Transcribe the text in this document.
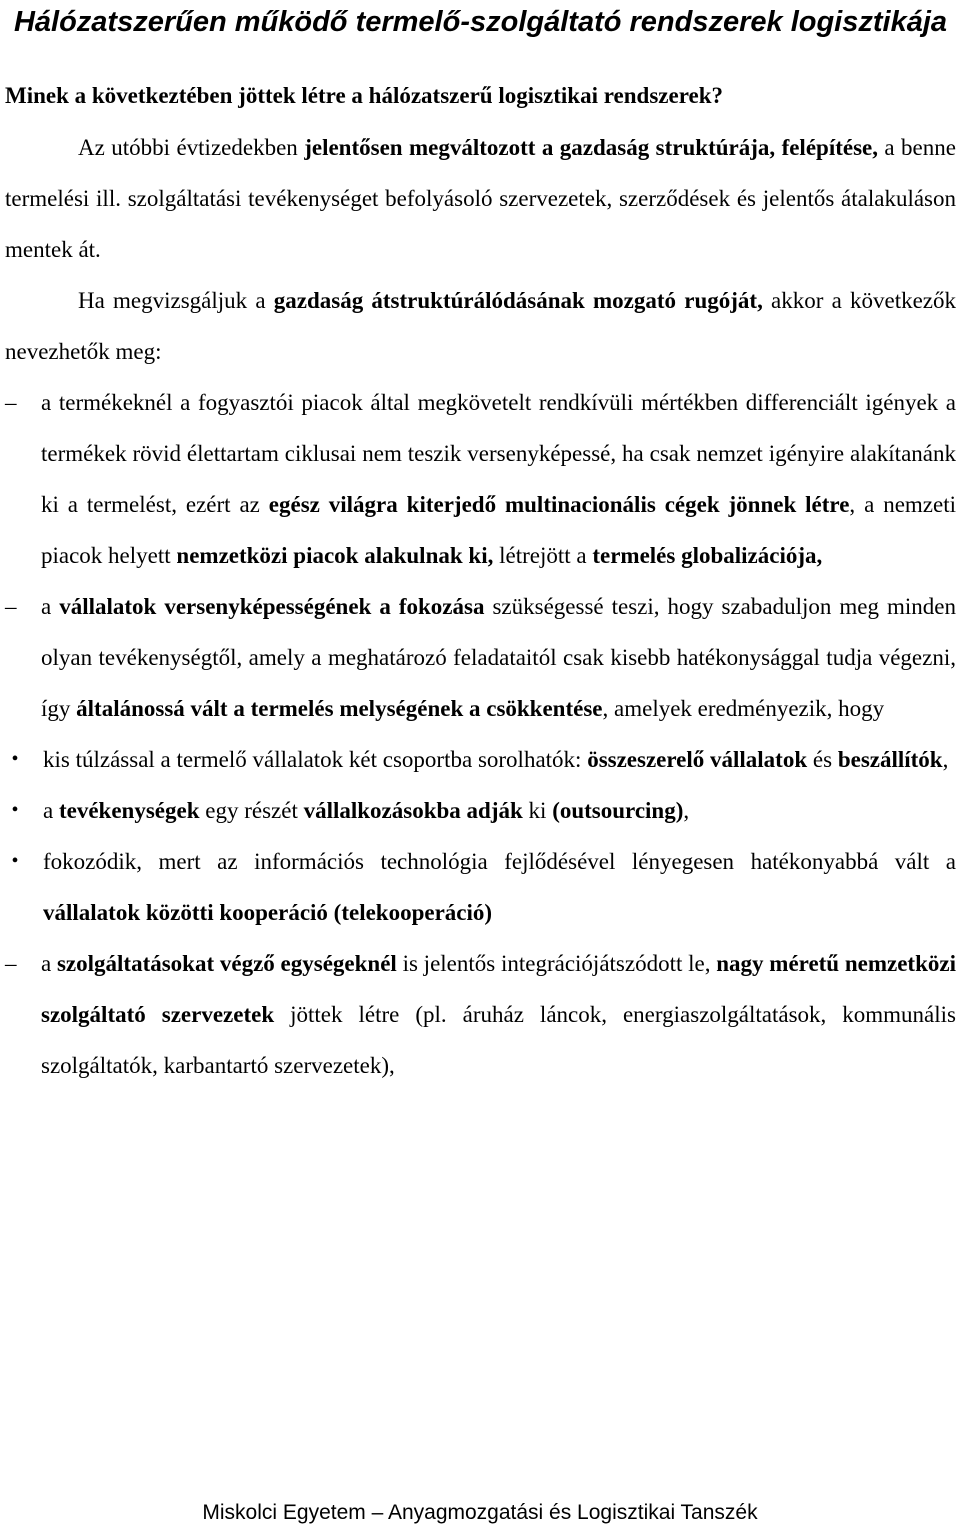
Hálózatszerűen működő termelő-szolgáltató rendszerek logisztikája

Minek a következtében jöttek létre a hálózatszerű logisztikai rendszerek?

Az utóbbi évtizedekben jelentősen megváltozott a gazdaság struktúrája, felépítése, a benne termelési ill. szolgáltatási tevékenységet befolyásoló szervezetek, szerződések és jelentős átalakuláson mentek át.

Ha megvizsgáljuk a gazdaság átstruktúrálódásának mozgató rugóját, akkor a következők nevezhetők meg:

–	a termékeknél a fogyasztói piacok által megkövetelt rendkívüli mértékben differenciált igények a termékek rövid élettartam ciklusai nem teszik versenyképessé, ha csak nemzet igényire alakítanánk ki a termelést, ezért az egész világra kiterjedő multinacionális cégek jönnek létre, a nemzeti piacok helyett nemzetközi piacok alakulnak ki, létrejött a termelés globalizációja,
–	a vállalatok versenyképességének a fokozása szükségessé teszi, hogy szabaduljon meg minden olyan tevékenységtől, amely a meghatározó feladataitól csak kisebb hatékonysággal tudja végezni, így általánossá vált a termelés melységének a csökkentése, amelyek eredményezik, hogy
• kis túlzással a termelő vállalatok két csoportba sorolhatók: összeszerelő vállalatok és beszállítók,
• a tevékenységek egy részét vállalkozásokba adják ki (outsourcing),
• fokozódik, mert az információs technológia fejlődésével lényegesen hatékonyabbá vált a vállalatok közötti kooperáció (telekooperáció)
–	a szolgáltatásokat végző egységeknél is jelentős integrációjátszódott le, nagy méretű nemzetközi szolgáltató szervezetek jöttek létre (pl. áruház láncok, energiaszolgáltatások, kommunális szolgáltatók, karbantartó szervezetek),
Miskolci Egyetem – Anyagmozgatási és Logisztikai Tanszék
